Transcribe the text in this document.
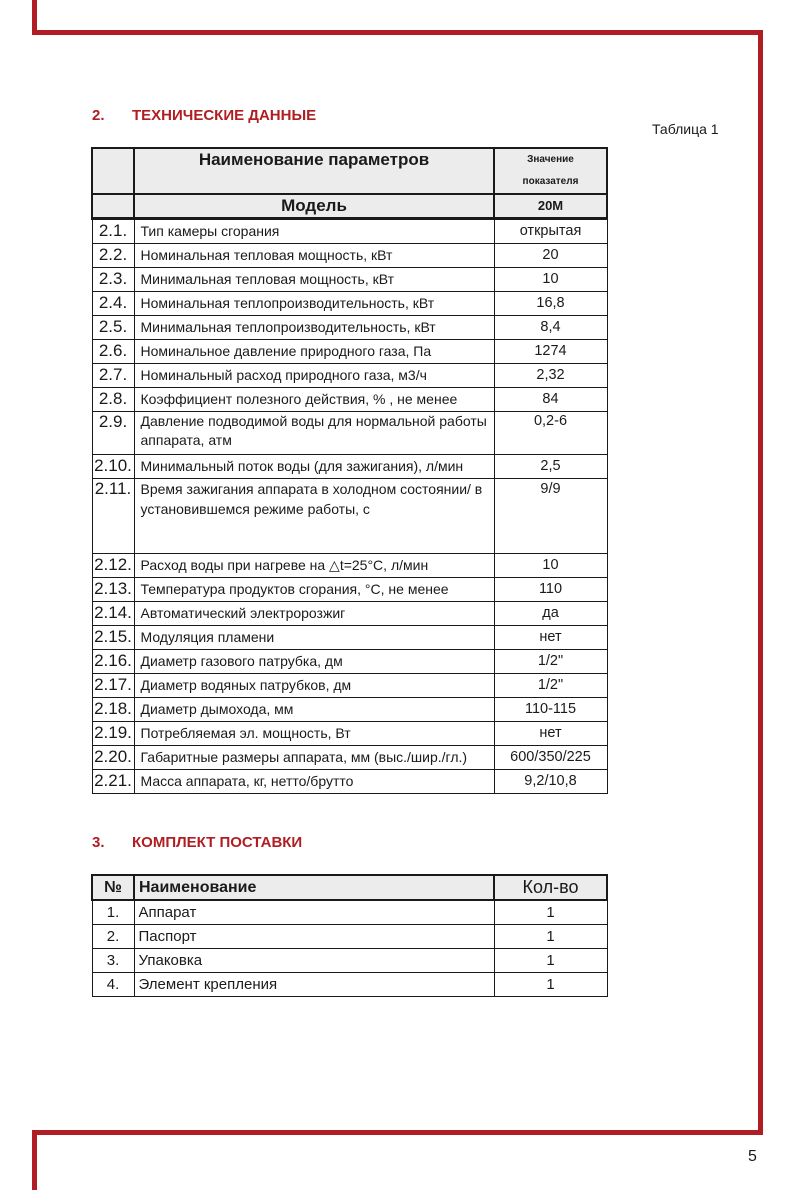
2.	ТЕХНИЧЕСКИЕ ДАННЫЕ
Таблица 1
	Наименование параметров	Значение показателя
	Модель	20М
2.1.	Тип камеры сгорания	открытая
2.2.	Номинальная тепловая мощность, кВт	20
2.3.	Минимальная тепловая мощность, кВт	10
2.4.	Номинальная теплопроизводительность, кВт	16,8
2.5.	Минимальная теплопроизводительность, кВт	8,4
2.6.	Номинальное давление природного газа, Па	1274
2.7.	Номинальный расход природного газа, м3/ч	2,32
2.8.	Коэффициент полезного действия, % , не менее	84
2.9.	Давление подводимой воды для нормальной работы аппарата, атм	0,2-6
2.10.	Минимальный поток воды (для зажигания), л/мин	2,5
2.11.	Время зажигания аппарата в холодном состоянии/ в установившемся режиме работы, с	9/9
2.12.	Расход воды при нагреве на △t=25°С, л/мин	10
2.13.	Температура продуктов сгорания, °С, не менее	110
2.14.	Автоматический электророзжиг	да
2.15.	Модуляция пламени	нет
2.16.	Диаметр газового патрубка, дм	1/2"
2.17.	Диаметр водяных патрубков, дм	1/2"
2.18.	Диаметр дымохода, мм	110-115
2.19.	Потребляемая эл. мощность, Вт	нет
2.20.	Габаритные размеры аппарата, мм (выс./шир./гл.)	600/350/225
2.21.	Масса аппарата, кг, нетто/брутто	9,2/10,8
3.	КОМПЛЕКТ ПОСТАВКИ
№	Наименование	Кол-во
1.	Аппарат	1
2.	Паспорт	1
3.	Упаковка	1
4.	Элемент крепления	1
5
